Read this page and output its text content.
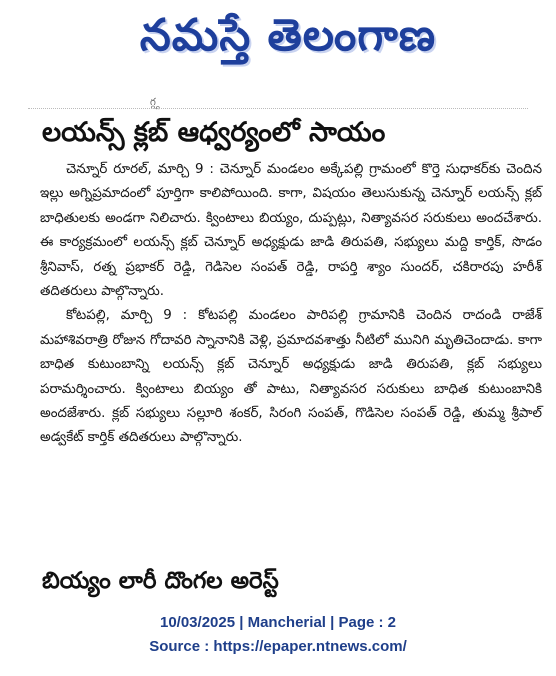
నమస్తే తెలంగాణ
గ్గ్గ
లయన్స్ క్లబ్ ఆధ్వర్యంలో సాయం

చెన్నూర్ రూరల్, మార్చి 9 : చెన్నూర్ మండలం అక్కేపల్లి గ్రామంలో కొర్తె సుధాకర్‌కు చెందిన ఇల్లు అగ్నిప్రమాదంలో పూర్తిగా కాలిపోయింది. కాగా, విషయం తెలుసుకున్న చెన్నూర్ లయన్స్ క్లబ్ బాధితులకు అండగా నిలిచారు. క్వింటాలు బియ్యం, దుప్పట్లు, నిత్యావసర సరుకులు అందచేశారు. ఈ కార్యక్రమంలో లయన్స్ క్లబ్ చెన్నూర్ అధ్యక్షుడు జాడి తిరుపతి, సభ్యులు మద్ది కార్తిక్, సొడం శ్రీనివాస్, రత్న ప్రభాకర్ రెడ్డి, గెడిసెల సంపత్ రెడ్డి, రాపర్తి శ్యాం సుందర్, చకిరారపు హరీశ్ తదితరులు పాల్గొన్నారు.

కోటపల్లి, మార్చి 9 : కోటపల్లి మండలం పారిపల్లి గ్రామానికి చెందిన రాదండి రాజేశ్ మహాశివరాత్రి రోజున గోదావరి స్నానానికి వెళ్లి, ప్రమాదవశాత్తు నీటిలో మునిగి మృతిచెందాడు. కాగా బాధిత కుటుంబాన్ని లయన్స్ క్లబ్ చెన్నూర్ అధ్యక్షుడు జాడి తిరుపతి, క్లబ్ సభ్యులు పరామర్శించారు. క్వింటాలు బియ్యం తో పాటు, నిత్యావసర సరుకులు బాధిత కుటుంబానికి అందజేశారు. క్లబ్ సభ్యులు సల్లూరి శంకర్, సిరంగి సంపత్, గొడిసెల సంపత్ రెడ్డి, తుమ్మ శ్రీపాల్ అడ్వకేట్ కార్తిక్ తదితరులు పాల్గొన్నారు.

బియ్యం లారీ దొంగల అరెస్ట్
10/03/2025 | Mancherial | Page : 2
Source : https://epaper.ntnews.com/
